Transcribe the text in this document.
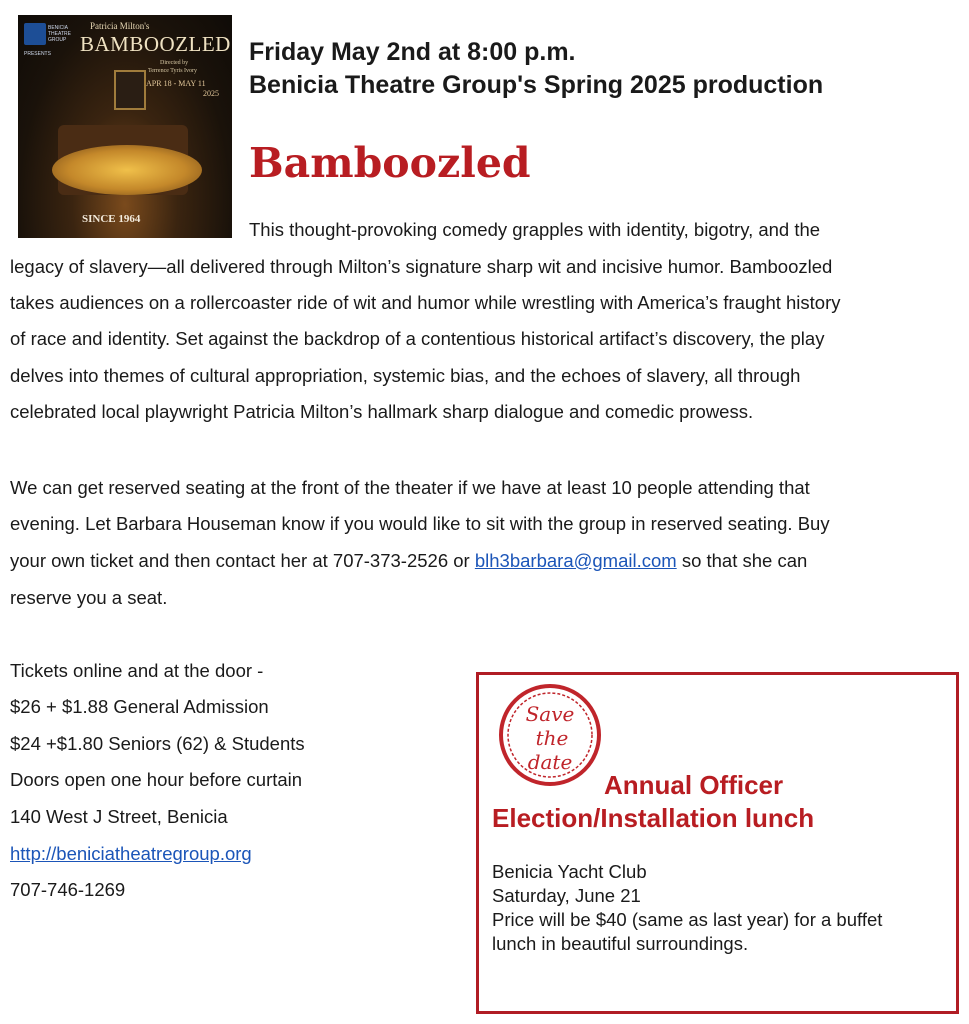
BENICIA THEATRE GROUP
PRESENTS
Patricia Milton's
BAMBOOZLED
Directed by
Terrence Tyris Ivory
APR 18 - MAY 11
2025
SINCE 1964
Friday May 2nd at 8:00 p.m.
Benicia Theatre Group's Spring 2025 production
Bamboozled
This thought-provoking comedy grapples with identity, bigotry, and the
legacy of slavery—all delivered through Milton’s signature sharp wit and incisive humor. Bamboozled
takes audiences on a rollercoaster ride of wit and humor while wrestling with America’s fraught history
of race and identity. Set against the backdrop of a contentious historical artifact’s discovery, the play
delves into themes of cultural appropriation, systemic bias, and the echoes of slavery, all through
celebrated local playwright Patricia Milton’s hallmark sharp dialogue and comedic prowess.
We can get reserved seating at the front of the theater if we have at least 10 people attending that
evening. Let Barbara Houseman know if you would like to sit with the group in reserved seating. Buy
your own ticket and then contact her at 707-373-2526 or blh3barbara@gmail.com so that she can
reserve you a seat.
Tickets online and at the door -
$26 + $1.88 General Admission
$24 +$1.80 Seniors (62) & Students
Doors open one hour before curtain
140 West J Street, Benicia
http://beniciatheatregroup.org
707-746-1269
Save
the
date
Annual Officer
Election/Installation lunch
Benicia Yacht Club
Saturday, June 21
Price will be $40 (same as last year) for a buffet
lunch in beautiful surroundings.
